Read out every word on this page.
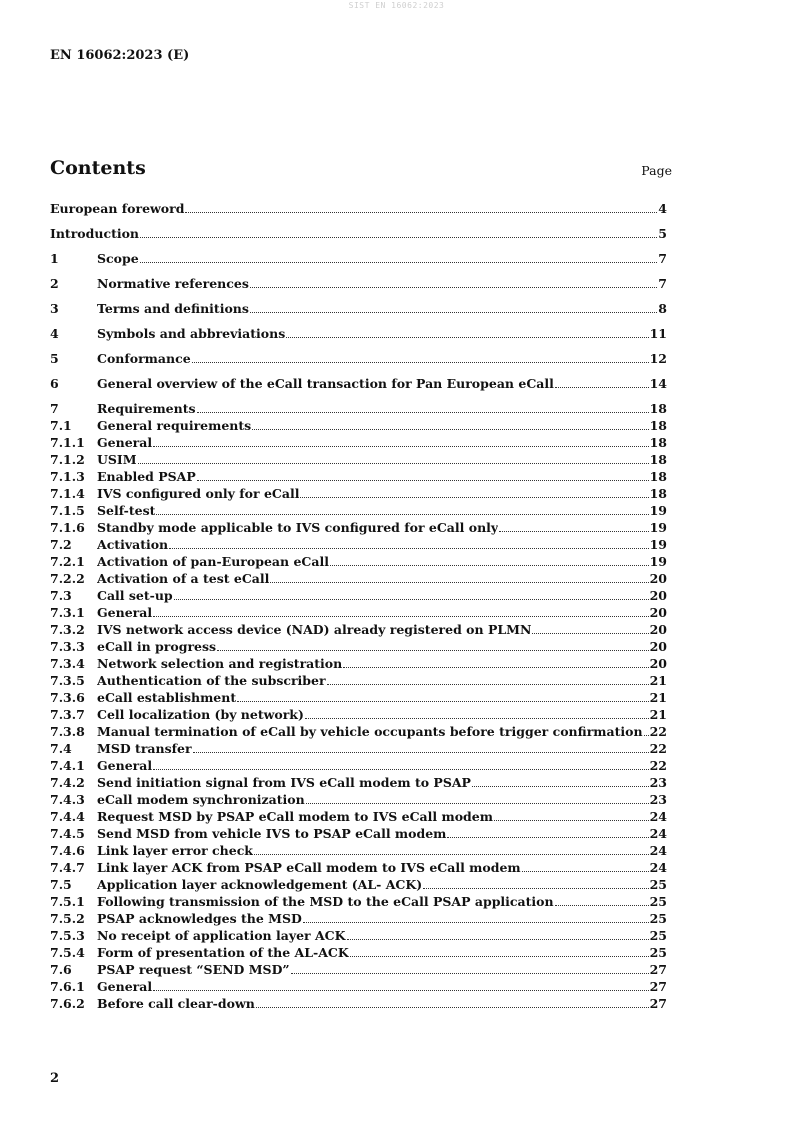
SIST EN 16062:2023
EN 16062:2023 (E)
Contents	Page
European foreword	4
Introduction	5
1	Scope	7
2	Normative references	7
3	Terms and definitions	8
4	Symbols and abbreviations	11
5	Conformance	12
6	General overview of the eCall transaction for Pan European eCall	14
7	Requirements	18
7.1	General requirements	18
7.1.1 General	18
7.1.2 USIM	18
7.1.3 Enabled PSAP	18
7.1.4 IVS configured only for eCall	18
7.1.5 Self-test	19
7.1.6 Standby mode applicable to IVS configured for eCall only	19
7.2	Activation	19
7.2.1 Activation of pan-European eCall	19
7.2.2 Activation of a test eCall	20
7.3	Call set-up	20
7.3.1 General	20
7.3.2 IVS network access device (NAD) already registered on PLMN	20
7.3.3 eCall in progress	20
7.3.4 Network selection and registration	20
7.3.5 Authentication of the subscriber	21
7.3.6 eCall establishment	21
7.3.7 Cell localization (by network)	21
7.3.8 Manual termination of eCall by vehicle occupants before trigger confirmation 22
7.4	MSD transfer	22
7.4.1 General	22
7.4.2 Send initiation signal from IVS eCall modem to PSAP	23
7.4.3 eCall modem synchronization	23
7.4.4 Request MSD by PSAP eCall modem to IVS eCall modem	24
7.4.5 Send MSD from vehicle IVS to PSAP eCall modem	24
7.4.6 Link layer error check	24
7.4.7 Link layer ACK from PSAP eCall modem to IVS eCall modem	24
7.5	Application layer acknowledgement (AL- ACK)	25
7.5.1 Following transmission of the MSD to the eCall PSAP application	25
7.5.2 PSAP acknowledges the MSD	25
7.5.3 No receipt of application layer ACK	25
7.5.4 Form of presentation of the AL-ACK	25
7.6	PSAP request “SEND MSD”	27
7.6.1 General	27
7.6.2 Before call clear-down	27
2
